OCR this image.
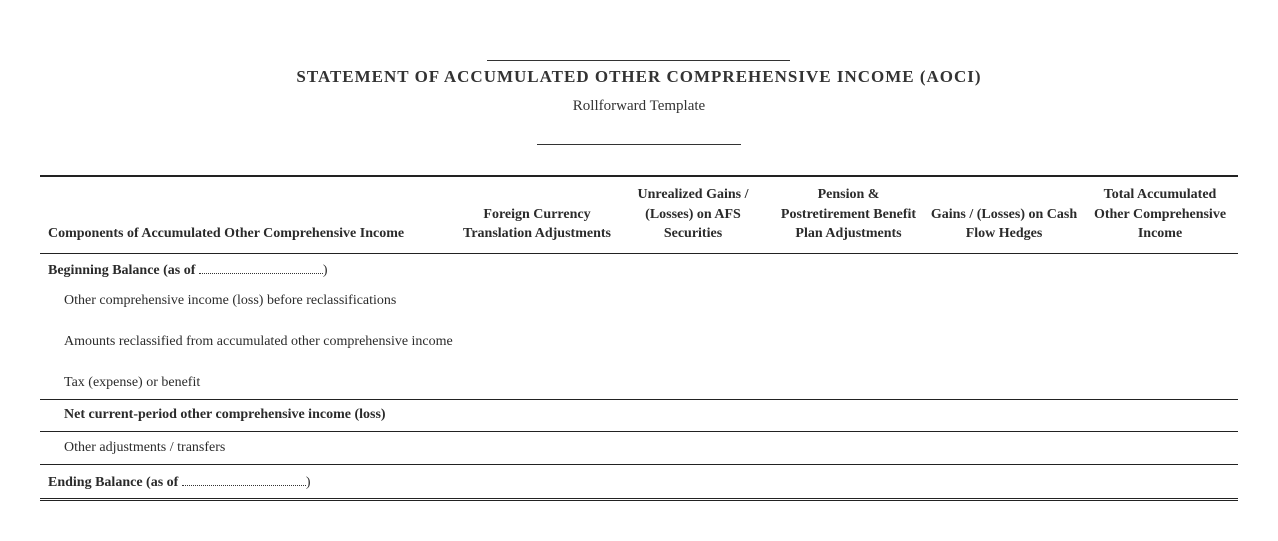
STATEMENT OF ACCUMULATED OTHER COMPREHENSIVE INCOME (AOCI)
Rollforward Template
Components of Accumulated Other Comprehensive Income	Foreign Currency Translation Adjustments	Unrealized Gains / (Losses) on AFS Securities	Pension & Postretirement Benefit Plan Adjustments	Gains / (Losses) on Cash Flow Hedges	Total Accumulated Other Comprehensive Income
Beginning Balance (as of )					
Other comprehensive income (loss) before reclassifications					
Amounts reclassified from accumulated other comprehensive income					
Tax (expense) or benefit					
Net current-period other comprehensive income (loss)					
Other adjustments / transfers					
Ending Balance (as of )					
